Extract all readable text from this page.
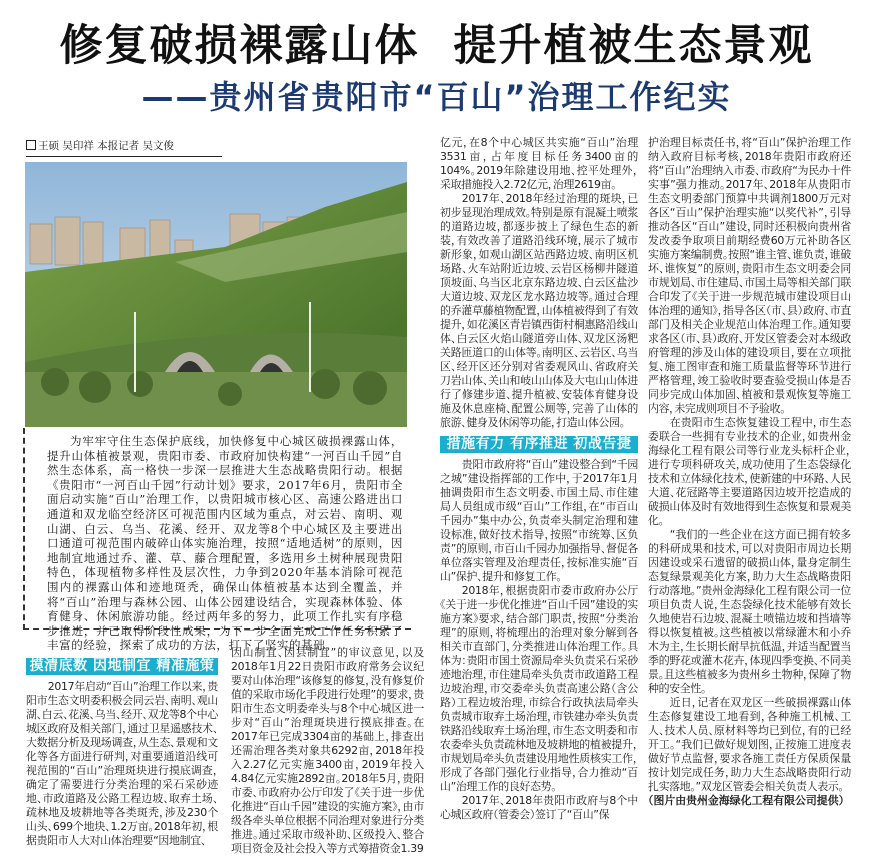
修复破损裸露山体 提升植被生态景观
——贵州省贵阳市“百山”治理工作纪实
王硕 吴印祥 本报记者 吴文俊

为牢牢守住生态保护底线，加快修复中心城区破损裸露山体，提升山体植被景观，贵阳市委、市政府加快构建“一河百山千园”自然生态体系，高一格快一步深一层推进大生态战略贵阳行动。根据《贵阳市“一河百山千园”行动计划》要求，2017年6月，贵阳市全面启动实施“百山”治理工作，以贵阳城市核心区、高速公路进出口通道和双龙临空经济区可视范围内区域为重点，对云岩、南明、观山湖、白云、乌当、花溪、经开、双龙等8个中心城区及主要进出口通道可视范围内破碎山体实施治理，按照“适地适树”的原则，因地制宜地通过乔、灌、草、藤合理配置，多选用乡土树种展现贵阳特色，体现植物多样性及层次性，力争到2020年基本消除可视范围内的裸露山体和迹地斑秃，确保山体植被基本达到全覆盖，并将“百山”治理与森林公园、山体公园建设结合，实现森林体验、体育健身、休闲旅游功能。经过两年多的努力，此项工作扎实有序稳步推进，并已取得阶段性成果，为下一步全面完成工作任务积累了丰富的经验，探索了成功的方法，打下了坚实的基础。

摸清底数 因地制宜 精准施策

2017年启动“百山”治理工作以来，贵阳市生态文明委积极会同云岩、南明、观山湖、白云、花溪、乌当、经开、双龙等8个中心城区政府及相关部门，通过卫星遥感技术、大数据分析及现场调查，从生态、景观和文化等各方面进行研判，对重要通道沿线可视范围的“百山”治理斑块进行摸底调查，确定了需要进行分类治理的采石采砂迹地、市政道路及公路工程边坡、取弃土场、疏林地及坡耕地等各类斑秃，涉及230个山头、699个地块、1.2万亩。2018年初，根据贵阳市人大对山体治理要“因地制宜、

因山制宜、因县制宜”的审议意见，以及2018年1月22日贵阳市政府常务会议纪要对山体治理“该修复的修复，没有修复价值的采取市场化手段进行处理”的要求，贵阳市生态文明委牵头与8个中心城区进一步对“百山”治理斑块进行摸底排查。在2017年已完成3304亩的基础上，排查出还需治理各类对象共6292亩，2018年投入2.27亿元实施3400亩，2019年投入4.84亿元实施2892亩。2018年5月，贵阳市委、市政府办公厅印发了《关于进一步优化推进“百山千园”建设的实施方案》，由市级各牵头单位根据不同治理对象进行分类推进。通过采取市级补助、区级投入、整合项目资金及社会投入等方式筹措资金1.39

亿元，在8个中心城区共实施“百山”治理3531亩，占年度目标任务3400亩的104%。2019年除建设用地、控平处理外，采取措施投入2.72亿元，治理2619亩。

2017年、2018年经过治理的斑块，已初步显现治理成效。特别是原有混凝土喷浆的道路边坡，都逐步披上了绿色生态的新装，有效改善了道路沿线环境，展示了城市新形象，如观山湖区站西路边坡、南明区机场路、火车站附近边坡、云岩区杨柳井隧道顶坡面、乌当区北京东路边坡、白云区盐沙大道边坡、双龙区龙水路边坡等。通过合理的乔灌草藤植物配置，山体植被得到了有效提升，如花溪区青岩镇西街村桐惠路沿线山体、白云区火焰山隧道旁山体、双龙区汤粑关路匝道口的山体等。南明区、云岩区、乌当区、经开区还分别对省委观风山、省政府关刀岩山体、关山和岐山山体及大屯山山体进行了修建步道、提升植被、安装体育健身设施及休息座椅、配置公厕等，完善了山体的旅游、健身及休闲等功能，打造山体公园。

措施有力 有序推进 初战告捷

贵阳市政府将“百山”建设整合到“千园之城”建设指挥部的工作中，于2017年1月抽调贵阳市生态文明委、市国土局、市住建局人员组成市级“百山”工作组，在“市百山千园办”集中办公，负责牵头制定治理和建设标准，做好技术指导，按照“市统筹、区负责”的原则，市百山千园办加强指导、督促各单位落实管理及治理责任，按标准实施“百山”保护、提升和修复工作。

2018年，根据贵阳市委市政府办公厅《关于进一步优化推进“百山千园”建设的实施方案》要求，结合部门职责，按照“分类治理”的原则，将梳理出的治理对象分解到各相关市直部门，分类推进山体治理工作。具体为：贵阳市国土资源局牵头负责采石采砂迹地治理，市住建局牵头负责市政道路工程边坡治理，市交委牵头负责高速公路（含公路）工程边坡治理，市综合行政执法局牵头负责城市取弃土场治理，市铁建办牵头负责铁路沿线取弃土场治理，市生态文明委和市农委牵头负责疏林地及坡耕地的植被提升，市规划局牵头负责建设用地性质核实工作，形成了各部门强化行业指导，合力推动“百山”治理工作的良好态势。

2017年、2018年贵阳市政府与8个中心城区政府（管委会）签订了“百山”保

护治理目标责任书，将“百山”保护治理工作纳入政府目标考核，2018年贵阳市政府还将“百山”治理纳入市委、市政府“为民办十件实事”强力推动。2017年、2018年从贵阳市生态文明委部门预算中共调剂1800万元对各区“百山”保护治理实施“以奖代补”，引导推动各区“百山”建设，同时还积极向贵州省发改委争取项目前期经费60万元补助各区实施方案编制费。按照“谁主管、谁负责，谁破坏、谁恢复”的原则，贵阳市生态文明委会同市规划局、市住建局、市国土局等相关部门联合印发了《关于进一步规范城市建设项目山体治理的通知》，指导各区（市、县）政府、市直部门及相关企业规范山体治理工作。通知要求各区（市、县）政府、开发区管委会对本级政府管理的涉及山体的建设项目，要在立项批复、施工图审查和施工质量监督等环节进行严格管理，竣工验收时要查验受损山体是否同步完成山体加固、植被和景观恢复等施工内容，未完成则项目不予验收。

在贵阳市生态恢复建设工程中，市生态委联合一些拥有专业技术的企业，如贵州金海绿化工程有限公司等行业龙头标杆企业，进行专项科研攻关，成功使用了生态袋绿化技术和立体绿化技术，使新建的中环路、人民大道、花冠路等主要道路因边坡开挖造成的破损山体及时有效地得到生态恢复和景观美化。

“我们的一些企业在这方面已拥有较多的科研成果和技术，可以对贵阳市周边长期因建设或采石遗留的破损山体，量身定制生态复绿景观美化方案，助力大生态战略贵阳行动落地。”贵州金海绿化工程有限公司一位项目负责人说，生态袋绿化技术能够有效长久地使岩石边坡、混凝土喷锚边坡和挡墙等得以恢复植被。这些植被以常绿灌木和小乔木为主，生长期长耐旱抗低温，并适当配置当季的野花或灌木花卉，体现四季变换、不同美景。且这些植被多为贵州乡土物种，保障了物种的安全性。

近日，记者在双龙区一些破损裸露山体生态修复建设工地看到，各种施工机械、工人、技术人员、原材料等均已到位，有的已经开工。“我们已做好规划图，正按施工进度表做好节点监督，要求各施工责任方保质保量按计划完成任务，助力大生态战略贵阳行动扎实落地。”双龙区管委会相关负责人表示。

（图片由贵州金海绿化工程有限公司提供）
